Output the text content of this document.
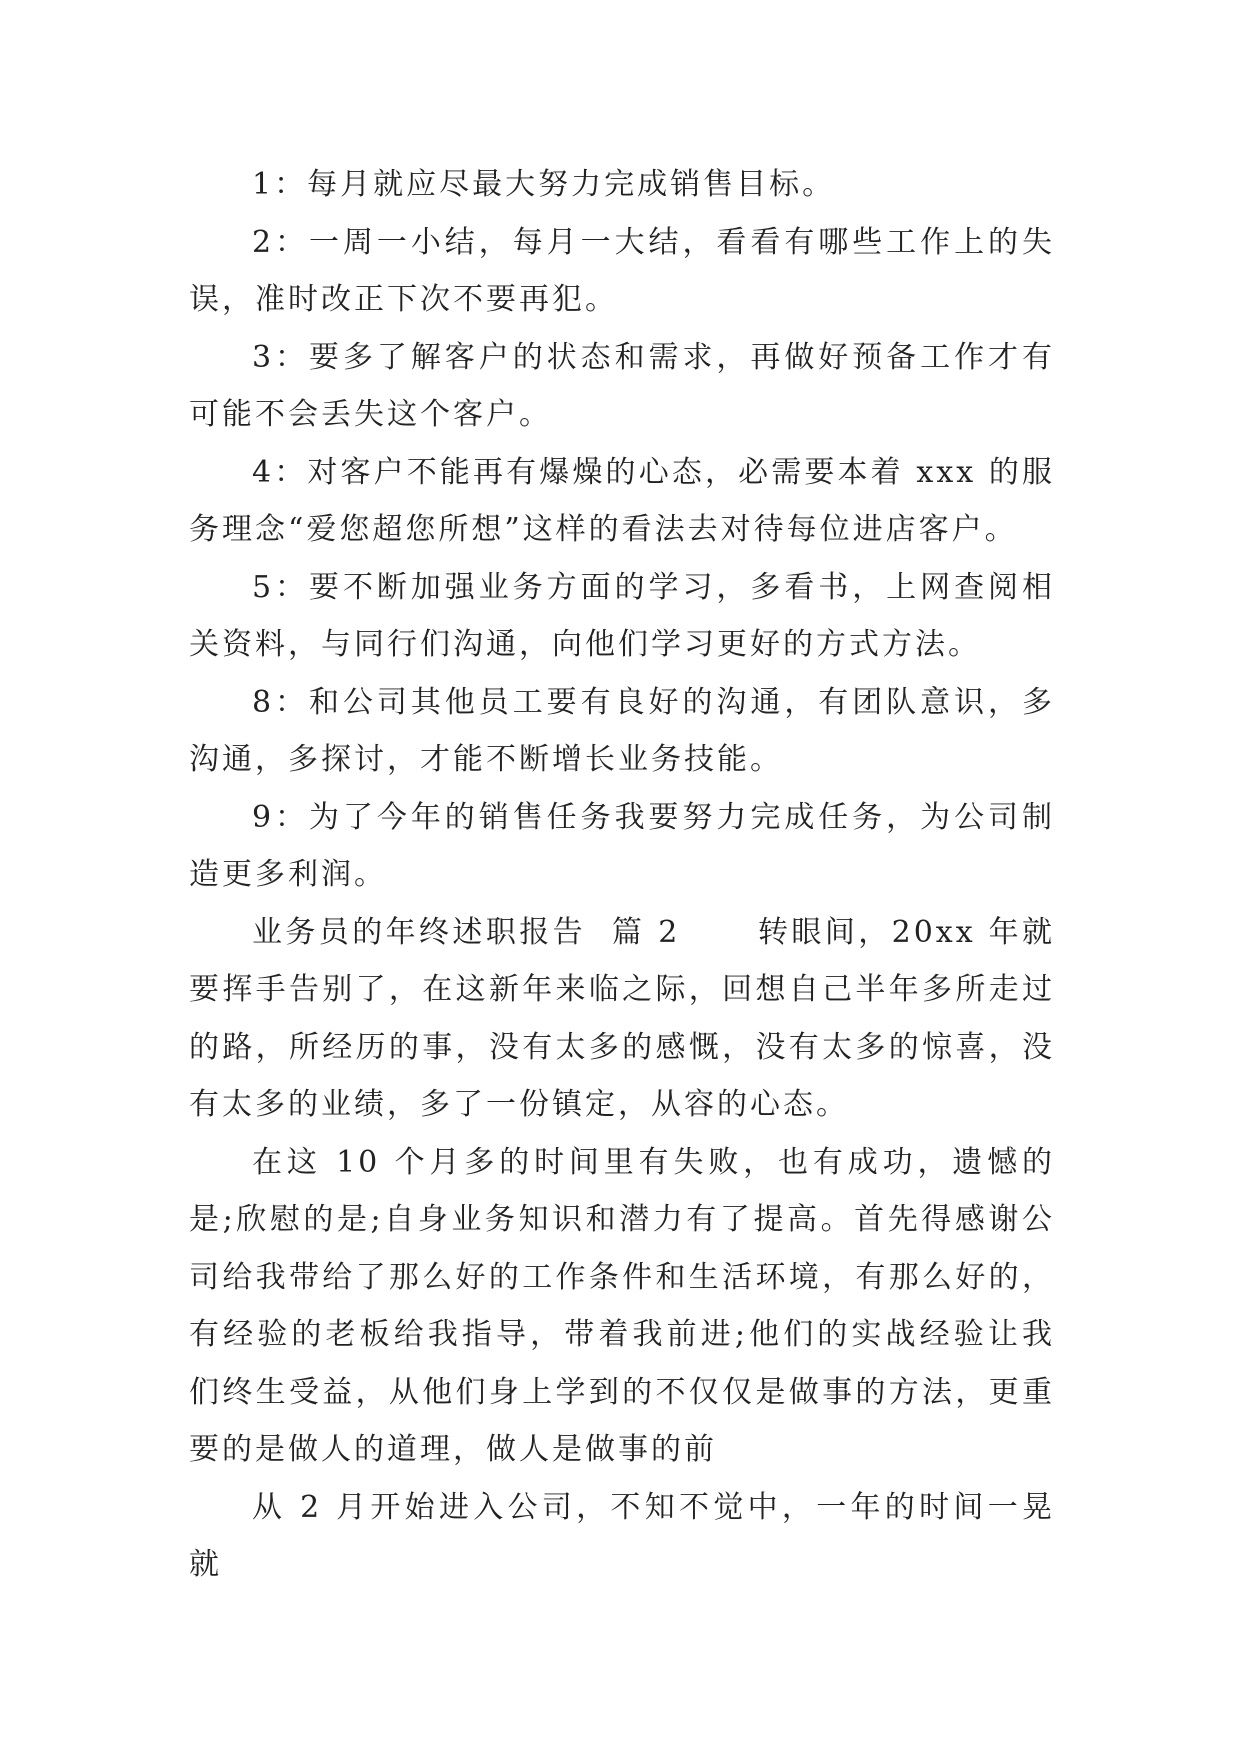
1：每月就应尽最大努力完成销售目标。

2：一周一小结，每月一大结，看看有哪些工作上的失误，准时改正下次不要再犯。

3：要多了解客户的状态和需求，再做好预备工作才有可能不会丢失这个客户。

4：对客户不能再有爆燥的心态，必需要本着 xxx 的服务理念“爱您超您所想”这样的看法去对待每位进店客户。

5：要不断加强业务方面的学习，多看书，上网查阅相关资料，与同行们沟通，向他们学习更好的方式方法。

8：和公司其他员工要有良好的沟通，有团队意识，多沟通，多探讨，才能不断增长业务技能。

9：为了今年的销售任务我要努力完成任务，为公司制造更多利润。

业务员的年终述职报告  篇 2      转眼间，20xx 年就要挥手告别了，在这新年来临之际，回想自己半年多所走过的路，所经历的事，没有太多的感慨，没有太多的惊喜，没有太多的业绩，多了一份镇定，从容的心态。

在这 10 个月多的时间里有失败，也有成功，遗憾的是;欣慰的是;自身业务知识和潜力有了提高。首先得感谢公司给我带给了那么好的工作条件和生活环境，有那么好的，有经验的老板给我指导，带着我前进;他们的实战经验让我们终生受益，从他们身上学到的不仅仅是做事的方法，更重要的是做人的道理，做人是做事的前

从 2 月开始进入公司，不知不觉中，一年的时间一晃就
